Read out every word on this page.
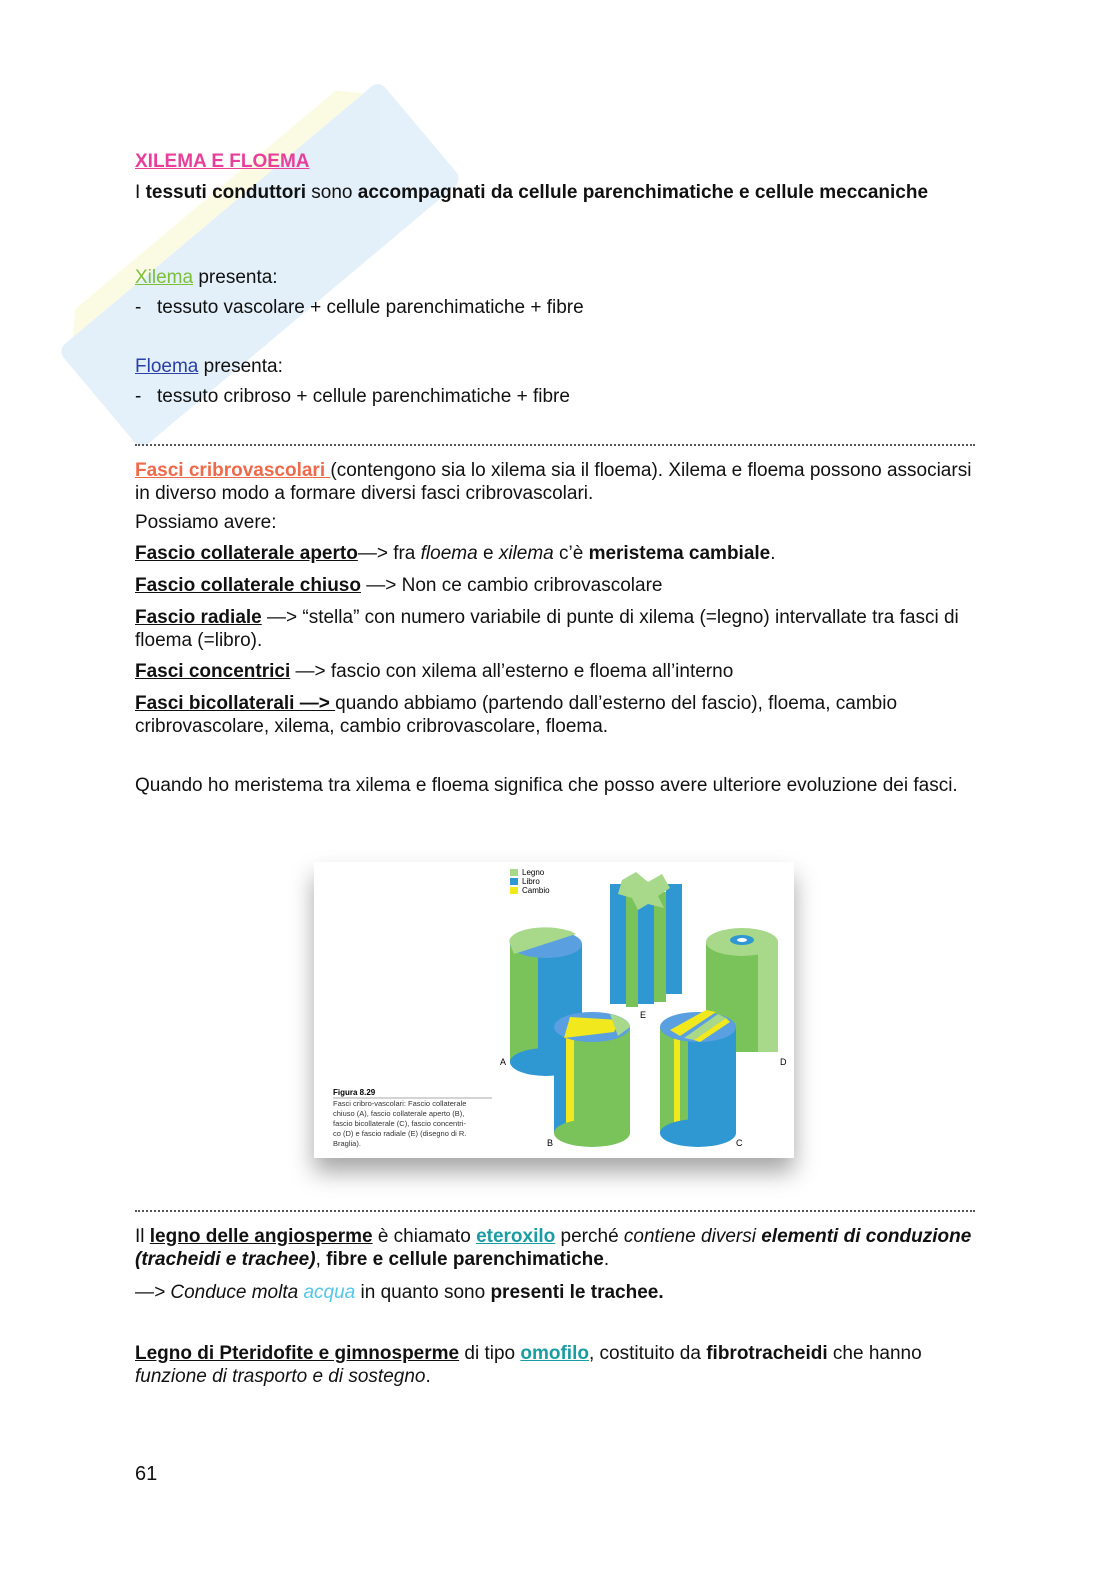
XILEMA E FLOEMA

I tessuti conduttori sono accompagnati da cellule parenchimatiche e cellule meccaniche

Xilema presenta:

- tessuto vascolare + cellule parenchimatiche + fibre

Floema presenta:

- tessuto cribroso + cellule parenchimatiche + fibre

Fasci cribrovascolari (contengono sia lo xilema sia il floema). Xilema e floema possono associarsi in diverso modo a formare diversi fasci cribrovascolari.

Possiamo avere:

Fascio collaterale aperto—> fra floema e xilema c’è meristema cambiale.

Fascio collaterale chiuso —> Non ce cambio cribrovascolare

Fascio radiale —> “stella” con numero variabile di punte di xilema (=legno) intervallate tra fasci di floema (=libro).

Fasci concentrici —> fascio con xilema all’esterno e floema all’interno

Fasci bicollaterali —> quando abbiamo (partendo dall’esterno del fascio), floema, cambio cribrovascolare, xilema, cambio cribrovascolare, floema.

Quando ho meristema tra xilema e floema significa che posso avere ulteriore evoluzione dei fasci.

Il legno delle angiosperme è chiamato eteroxilo perché contiene diversi elementi di conduzione (tracheidi e trachee), fibre e cellule parenchimatiche.

—> Conduce molta acqua in quanto sono presenti le trachee.

Legno di Pteridofite e gimnosperme di tipo omofilo, costituito da fibrotracheidi che hanno funzione di trasporto e di sostegno.

Legno
Libro
Cambio
E
D
A
B	C
Figura 8.29
Fasci cribro-vascolari: Fascio collaterale
chiuso (A), fascio collaterale aperto (B),
fascio bicollaterale (C), fascio concentri-
co (D) e fascio radiale (E) (disegno di R.
Braglia).
61
